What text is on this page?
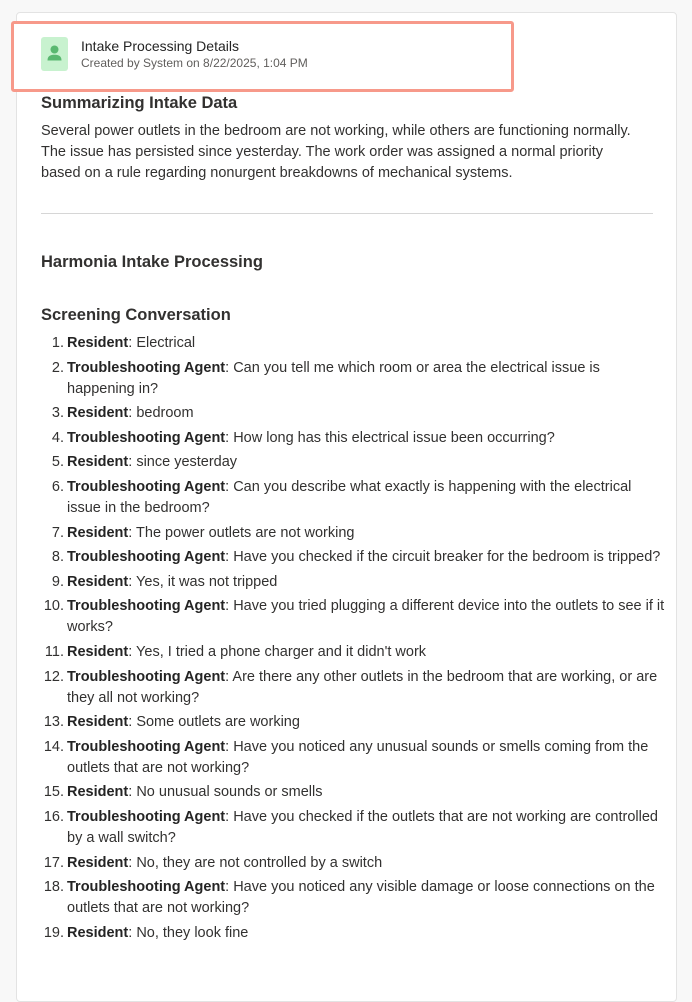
Intake Processing Details
Created by System on 8/22/2025, 1:04 PM
Summarizing Intake Data
Several power outlets in the bedroom are not working, while others are functioning normally. The issue has persisted since yesterday. The work order was assigned a normal priority based on a rule regarding nonurgent breakdowns of mechanical systems.
Harmonia Intake Processing
Screening Conversation
1. Resident: Electrical
2. Troubleshooting Agent: Can you tell me which room or area the electrical issue is happening in?
3. Resident: bedroom
4. Troubleshooting Agent: How long has this electrical issue been occurring?
5. Resident: since yesterday
6. Troubleshooting Agent: Can you describe what exactly is happening with the electrical issue in the bedroom?
7. Resident: The power outlets are not working
8. Troubleshooting Agent: Have you checked if the circuit breaker for the bedroom is tripped?
9. Resident: Yes, it was not tripped
10. Troubleshooting Agent: Have you tried plugging a different device into the outlets to see if it works?
11. Resident: Yes, I tried a phone charger and it didn't work
12. Troubleshooting Agent: Are there any other outlets in the bedroom that are working, or are they all not working?
13. Resident: Some outlets are working
14. Troubleshooting Agent: Have you noticed any unusual sounds or smells coming from the outlets that are not working?
15. Resident: No unusual sounds or smells
16. Troubleshooting Agent: Have you checked if the outlets that are not working are controlled by a wall switch?
17. Resident: No, they are not controlled by a switch
18. Troubleshooting Agent: Have you noticed any visible damage or loose connections on the outlets that are not working?
19. Resident: No, they look fine
